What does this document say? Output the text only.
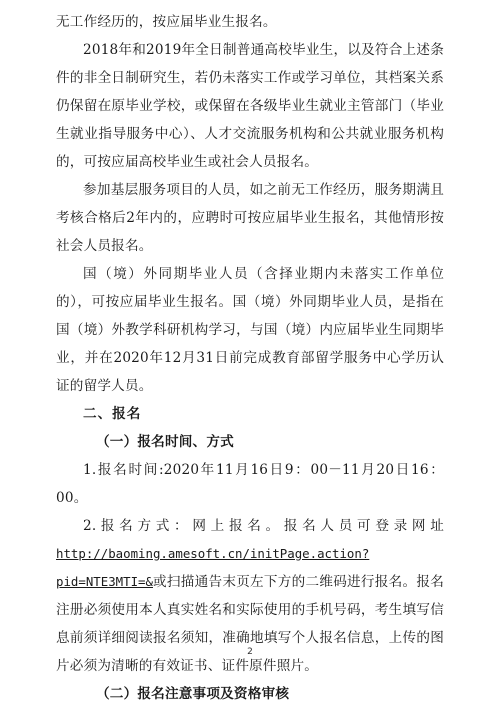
无工作经历的，按应届毕业生报名。

2018年和2019年全日制普通高校毕业生，以及符合上述条件的非全日制研究生，若仍未落实工作或学习单位，其档案关系仍保留在原毕业学校，或保留在各级毕业生就业主管部门（毕业生就业指导服务中心）、人才交流服务机构和公共就业服务机构的，可按应届高校毕业生或社会人员报名。

参加基层服务项目的人员，如之前无工作经历，服务期满且考核合格后2年内的，应聘时可按应届毕业生报名，其他情形按社会人员报名。

国（境）外同期毕业人员（含择业期内未落实工作单位的），可按应届毕业生报名。国（境）外同期毕业人员，是指在国（境）外教学科研机构学习，与国（境）内应届毕业生同期毕业，并在2020年12月31日前完成教育部留学服务中心学历认证的留学人员。

二、报名

（一）报名时间、方式

1.报名时间:2020年11月16日9：00－11月20日16：00。

2.报名方式：网上报名。报名人员可登录网址 http://baoming.amesoft.cn/initPage.action?pid=NTE3MTI=&或扫描通告末页左下方的二维码进行报名。报名注册必须使用本人真实姓名和实际使用的手机号码，考生填写信息前须详细阅读报名须知，准确地填写个人报名信息，上传的图片必须为清晰的有效证书、证件原件照片。

（二）报名注意事项及资格审核

2
